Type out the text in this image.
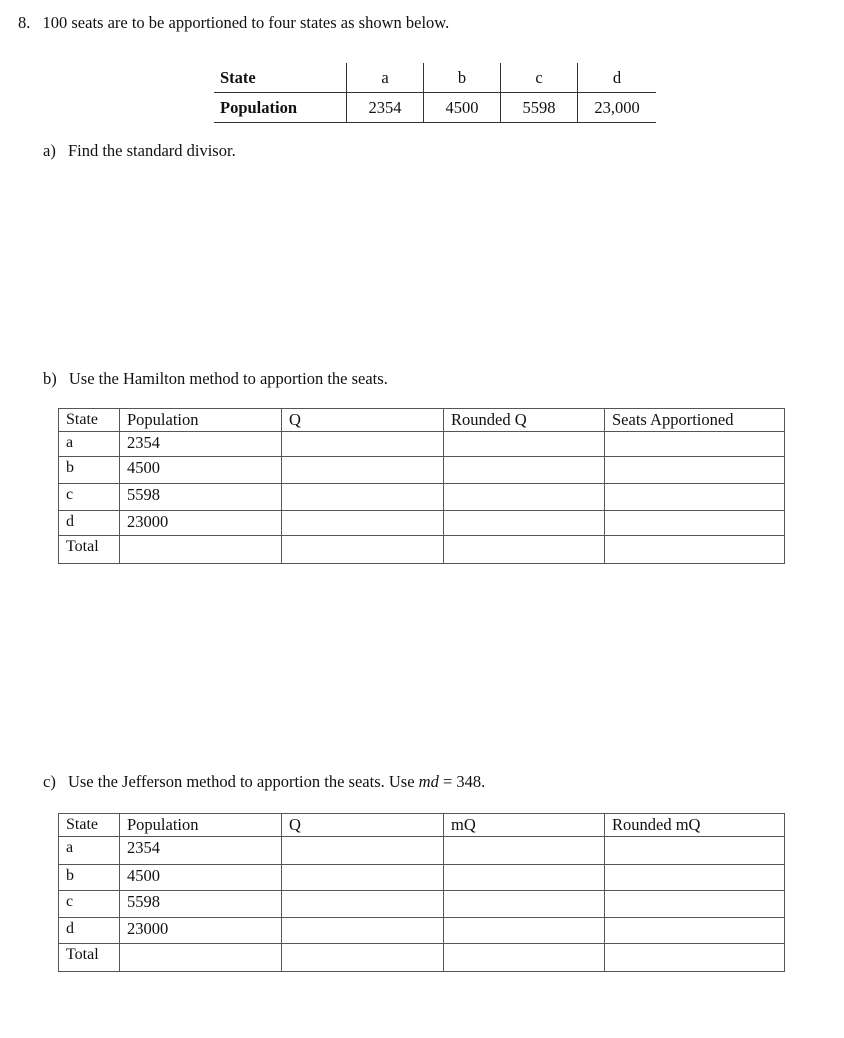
8. 100 seats are to be apportioned to four states as shown below.
State	a	b	c	d
Population	2354	4500	5598	23,000
a) Find the standard divisor.
b) Use the Hamilton method to apportion the seats.
State	Population	Q	Rounded Q	Seats Apportioned
a	2354			
b	4500			
c	5598			
d	23000			
Total				
c) Use the Jefferson method to apportion the seats. Use md = 348.
State	Population	Q	mQ	Rounded mQ
a	2354			
b	4500			
c	5598			
d	23000			
Total				
